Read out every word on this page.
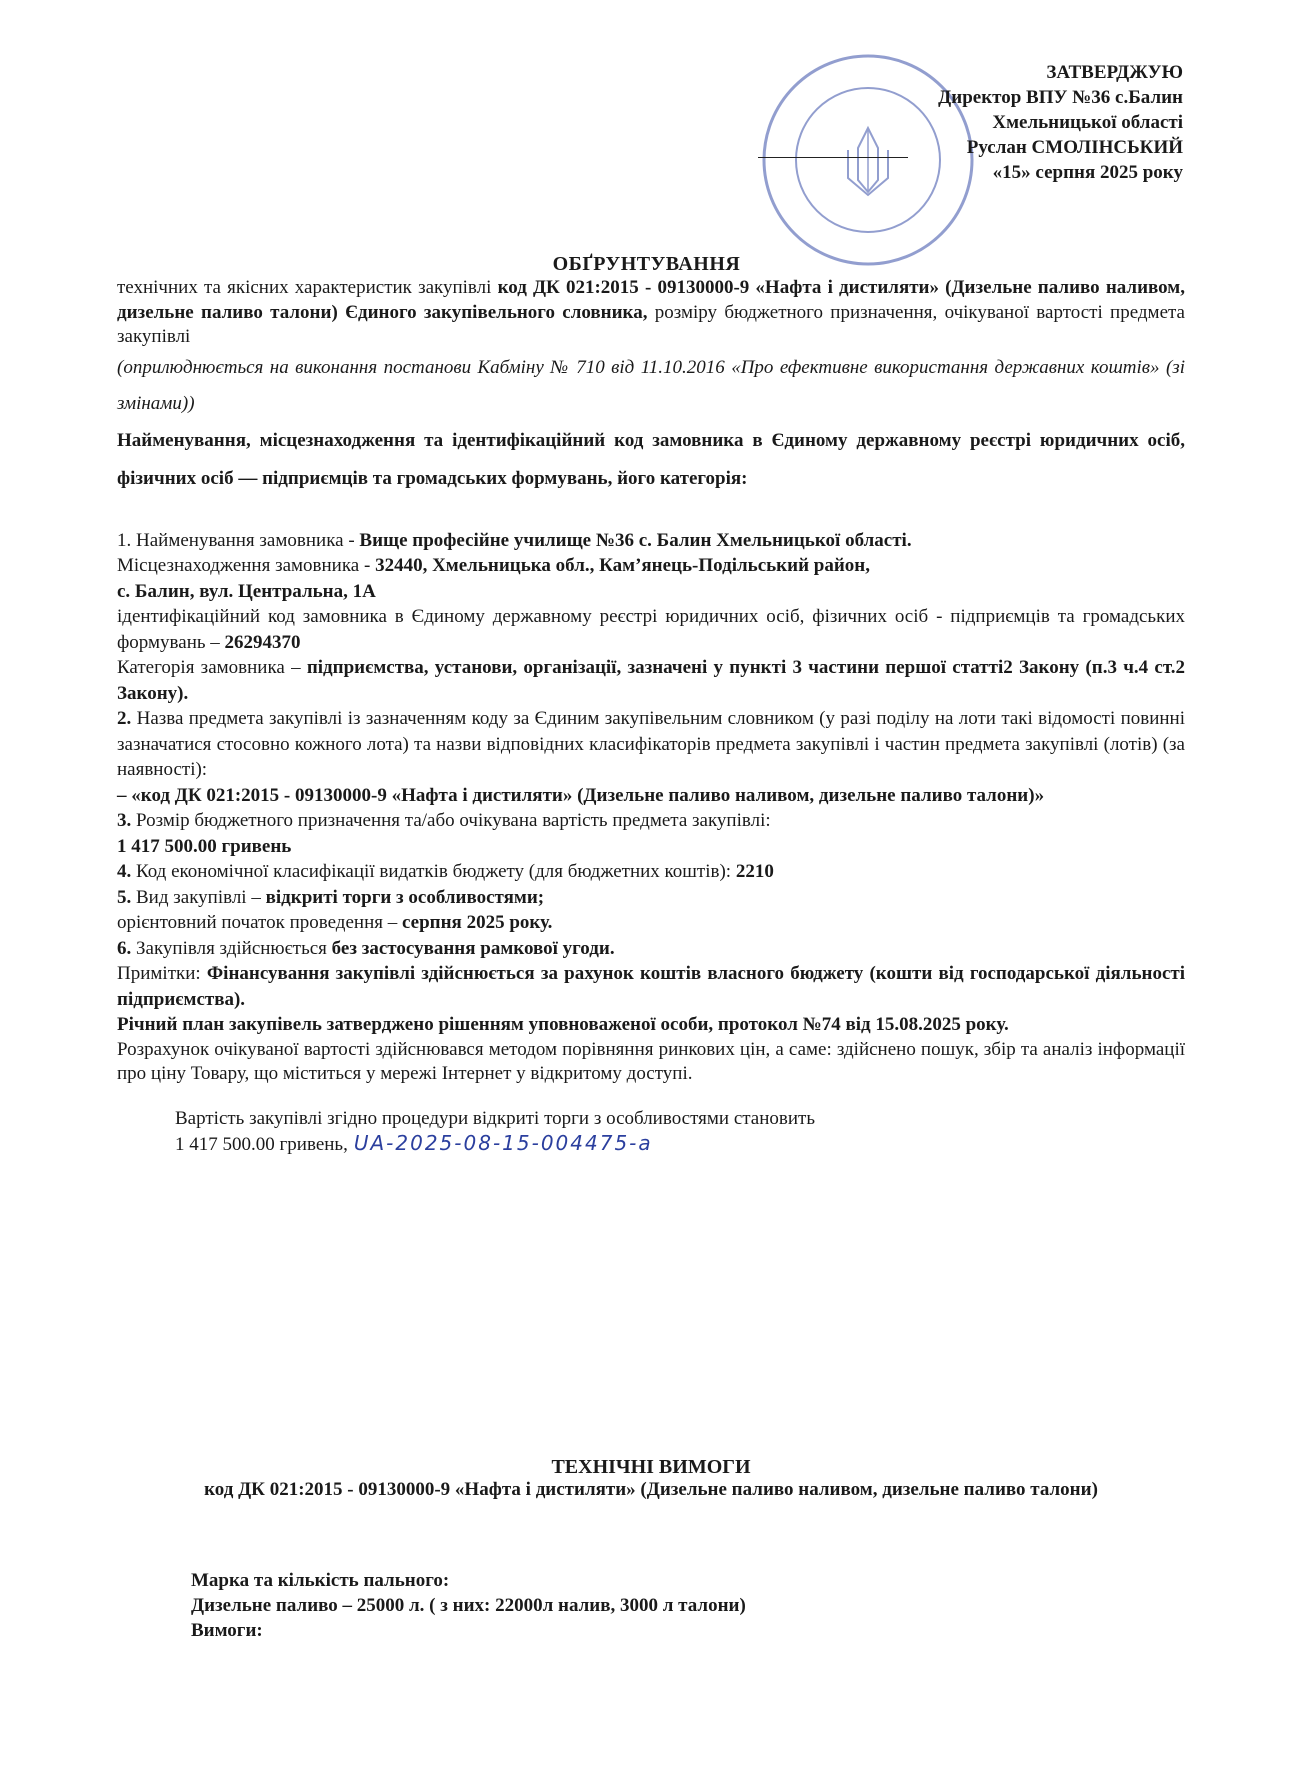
ЗАТВЕРДЖУЮ
Директор ВПУ №36 с.Балин
Хмельницької області
Руслан СМОЛІНСЬКИЙ
«15» серпня 2025 року
ОБҐРУНТУВАННЯ

технічних та якісних характеристик закупівлі код ДК 021:2015 - 09130000-9 «Нафта і дистиляти» (Дизельне паливо наливом, дизельне паливо талони) Єдиного закупівельного словника, розміру бюджетного призначення, очікуваної вартості предмета закупівлі

(оприлюднюється на виконання постанови Кабміну № 710 від 11.10.2016 «Про ефективне використання державних коштів» (зі змінами))

Найменування, місцезнаходження та ідентифікаційний код замовника в Єдиному державному реєстрі юридичних осіб, фізичних осіб — підприємців та громадських формувань, його категорія:

1. Найменування замовника - Вище професійне училище №36 с. Балин Хмельницької області.

Місцезнаходження замовника - 32440, Хмельницька обл., Кам’янець-Подільський район,

с. Балин, вул. Центральна, 1А

ідентифікаційний код замовника в Єдиному державному реєстрі юридичних осіб, фізичних осіб - підприємців та громадських формувань – 26294370

Категорія замовника – підприємства, установи, організації, зазначені у пункті 3 частини першої статті2 Закону (п.3 ч.4 ст.2 Закону).

2. Назва предмета закупівлі із зазначенням коду за Єдиним закупівельним словником (у разі поділу на лоти такі відомості повинні зазначатися стосовно кожного лота) та назви відповідних класифікаторів предмета закупівлі і частин предмета закупівлі (лотів) (за наявності):

– «код ДК 021:2015 - 09130000-9 «Нафта і дистиляти» (Дизельне паливо наливом, дизельне паливо талони)»

3. Розмір бюджетного призначення та/або очікувана вартість предмета закупівлі:

1 417 500.00 гривень

4. Код економічної класифікації видатків бюджету (для бюджетних коштів): 2210

5. Вид закупівлі – відкриті торги з особливостями;

орієнтовний початок проведення – серпня 2025 року.

6. Закупівля здійснюється без застосування рамкової угоди.

Примітки: Фінансування закупівлі здійснюється за рахунок коштів власного бюджету (кошти від господарської діяльності підприємства).

Річний план закупівель затверджено рішенням уповноваженої особи, протокол №74 від 15.08.2025 року.

Розрахунок очікуваної вартості здійснювався методом порівняння ринкових цін, а саме: здійснено пошук, збір та аналіз інформації про ціну Товару, що міститься у мережі Інтернет у відкритому доступі.

Вартість закупівлі згідно процедури відкриті торги з особливостями становить

1 417 500.00 гривень, UA-2025-08-15-004475-a

ТЕХНІЧНІ ВИМОГИ
код ДК 021:2015 - 09130000-9 «Нафта і дистиляти» (Дизельне паливо наливом, дизельне паливо талони)

Марка та кількість пального:

Дизельне паливо – 25000 л. ( з них: 22000л налив, 3000 л талони)

Вимоги:
